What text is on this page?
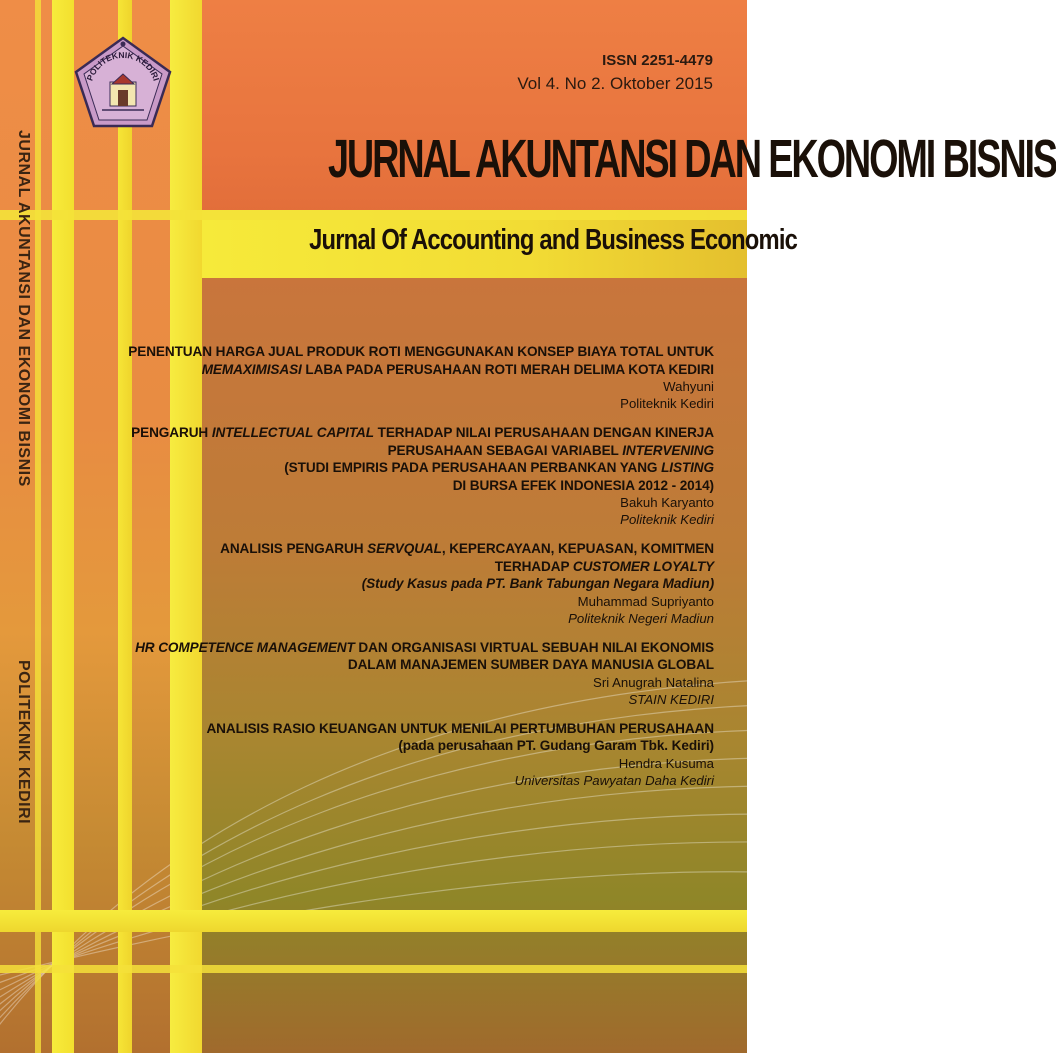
POLITEKNIK KEDIRI
JURNAL AKUNTANSI DAN EKONOMI BISNIS
POLITEKNIK KEDIRI
ISSN 2251-4479
Vol 4. No 2. Oktober 2015
JURNAL AKUNTANSI DAN EKONOMI BISNIS
Jurnal Of Accounting and Business Economic
PENENTUAN HARGA JUAL PRODUK ROTI MENGGUNAKAN KONSEP BIAYA TOTAL UNTUK
MEMAXIMISASI LABA PADA PERUSAHAAN ROTI MERAH DELIMA KOTA KEDIRI
Wahyuni
Politeknik Kediri
PENGARUH INTELLECTUAL CAPITAL TERHADAP NILAI PERUSAHAAN DENGAN KINERJA
PERUSAHAAN SEBAGAI VARIABEL INTERVENING
(STUDI EMPIRIS PADA PERUSAHAAN PERBANKAN YANG LISTING
DI BURSA EFEK INDONESIA 2012 - 2014)
Bakuh Karyanto
Politeknik Kediri
ANALISIS PENGARUH SERVQUAL, KEPERCAYAAN, KEPUASAN, KOMITMEN
TERHADAP CUSTOMER LOYALTY
(Study Kasus pada PT. Bank Tabungan Negara Madiun)
Muhammad Supriyanto
Politeknik Negeri Madiun
HR COMPETENCE MANAGEMENT DAN ORGANISASI VIRTUAL SEBUAH NILAI EKONOMIS
DALAM MANAJEMEN SUMBER DAYA MANUSIA GLOBAL
Sri Anugrah Natalina
STAIN KEDIRI
ANALISIS RASIO KEUANGAN UNTUK MENILAI PERTUMBUHAN PERUSAHAAN
(pada perusahaan PT. Gudang Garam Tbk. Kediri)
Hendra Kusuma
Universitas Pawyatan Daha Kediri
